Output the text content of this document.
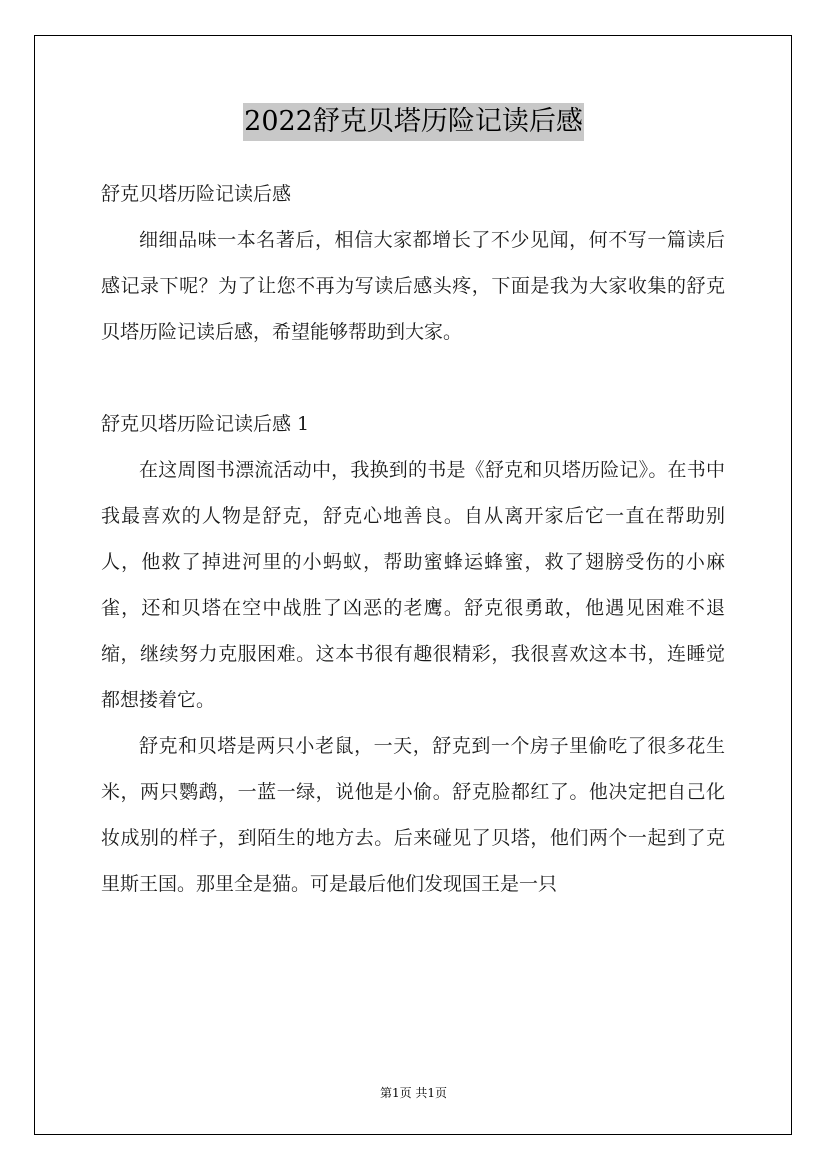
2022舒克贝塔历险记读后感

舒克贝塔历险记读后感

细细品味一本名著后，相信大家都增长了不少见闻，何不写一篇读后感记录下呢？为了让您不再为写读后感头疼，下面是我为大家收集的舒克贝塔历险记读后感，希望能够帮助到大家。

舒克贝塔历险记读后感 1

在这周图书漂流活动中，我换到的书是《舒克和贝塔历险记》。在书中我最喜欢的人物是舒克，舒克心地善良。自从离开家后它一直在帮助别人，他救了掉进河里的小蚂蚁，帮助蜜蜂运蜂蜜，救了翅膀受伤的小麻雀，还和贝塔在空中战胜了凶恶的老鹰。舒克很勇敢，他遇见困难不退缩，继续努力克服困难。这本书很有趣很精彩，我很喜欢这本书，连睡觉都想搂着它。

舒克和贝塔是两只小老鼠，一天，舒克到一个房子里偷吃了很多花生米，两只鹦鹉，一蓝一绿，说他是小偷。舒克脸都红了。他决定把自己化妆成别的样子，到陌生的地方去。后来碰见了贝塔，他们两个一起到了克里斯王国。那里全是猫。可是最后他们发现国王是一只

第1页 共1页
